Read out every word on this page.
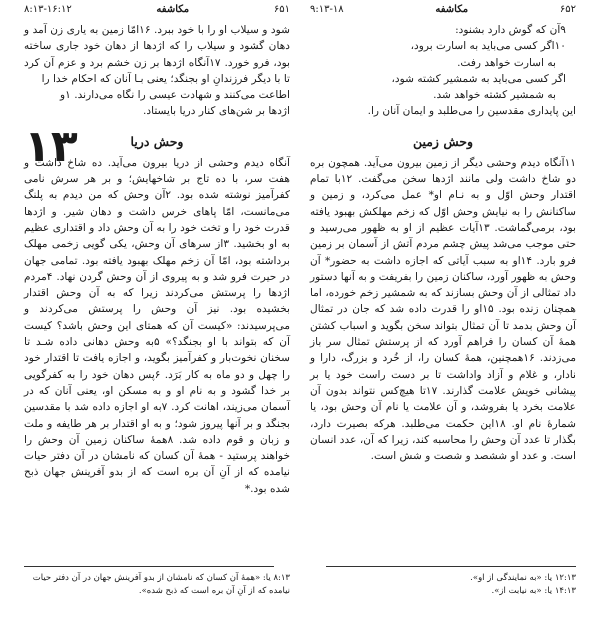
۹:۱۳-۱۸	مکاشفه	۶۵۲

۹آن که گوش دارد بشنود:

۱۰اگر کسی می‌باید به اسارت برود،

به اسارت خواهد رفت.

اگر کسی می‌باید به شمشیر کشته شود،

به شمشیر کشته خواهد شد.

این پایداری مقدسین را می‌طلبد و ایمان آنان را.

وحش زمین

۱۱آنگاه دیدم وحشی دیگر از زمین بیرون می‌آید. همچون بره دو شاخ داشت ولی مانند اژدها سخن می‌گفت. ۱۲با تمام اقتدار وحش اوّل و به نـام او* عمل می‌کرد، و زمین و ساکنانش را به نیایش وحش اوّل که زخم مهلکش بهبود یافته بود، برمی‌گماشت. ۱۳آیات عظیم از او به ظهور می‌رسید و حتی موجب می‌شد پیش چشم مردم آتش از آسمان بر زمین فرو بارد. ۱۴او به سبب آیاتی که اجازه داشت به حضور* آن وحش به ظهور آورد، ساکنان زمین را بفریفت و به آنها دستور داد تمثالی از آن وحش بسازند که به شمشیر زخم خورده، اما همچنان زنده بود. ۱۵او را قدرت داده شد که جان در تمثال آن وحش بدمد تا آن تمثال بتواند سخن بگوید و اسباب کشتن همهٔ آن کسان را فراهم آورد که از پرستش تمثال سر باز می‌زدند. ۱۶همچنین، همهٔ کسان را، از خُرد و بزرگ، دارا و نادار، و غلام و آزاد واداشت تا بر دست راست خود یا بر پیشانی خویش علامت گذارند. ۱۷تا هیچ‌کس نتواند بدون آن علامت بخرد یا بفروشد، و آن علامت یا نام آن وحش بود، یا شمارهٔ نام او. ۱۸این حکمت می‌طلبد. هرکه بصیرت دارد، بگذار تا عدد آن وحش را محاسبه کند، زیرا که آن، عدد انسان است. و عدد او ششصد و شصت و شش است.

۱۲:۱۳ یا: «به نمایندگی از او».

۱۴:۱۳ یا: «به نیابت از».

۸:۱۳-۱۶:۱۲	مکاشفه	۶۵۱

شود و سیلاب او را با خود ببرد. ۱۶امّا زمین به یاری زن آمد و دهان گشود و سیلاب را که اژدها از دهان خود جاری ساخته بود، فرو خورد. ۱۷آنگاه اژدها بر زن خشم برد و عزم آن کرد تا با دیگر فرزندانِ او بجنگد؛ یعنی بـا آنان که احکام خدا را

۱۳

اطاعت می‌کنند و شهادت عیسی را نگاه می‌دارند. ۱و

اژدها بر شن‌های کنار دریا بایستاد.

وحش دریا

آنگاه دیدم وحشی از دریا بیرون می‌آید. ده شاخ داشت و هفت سر، با ده تاج بر شاخهایش؛ و بر هر سرش نامی کفرآمیز نوشته شده بود. ۲آن وحش که من دیدم به پلنگ می‌مانست، امّا پاهای خرس داشت و دهان شیر. و اژدها قدرت خود را و تخت خود را به آن وحش داد و اقتداری عظیم به او بخشید. ۳از سرهای آن وحش، یکی گویی زخمی مهلک برداشته بود، امّا آن زخم مهلک بهبود یافته بود. تمامی جهان در حیرت فرو شد و به پیروی از آن وحش گردن نهاد. ۴مردم اژدها را پرستش می‌کردند زیرا که به آن وحش اقتدار بخشیده بود. نیز آن وحش را پرستش می‌کردند و می‌پرسیدند: «کیست آن که همتای این وحش باشد؟ کیست آن که بتواند با او بجنگد؟» ۵به وحش دهانی داده شـد تا سخنان نخوت‌بار و کفرآمیز بگوید، و اجازه یافت تا اقتدار خود را چهل و دو ماه به کار بَرَد. ۶پس دهان خود را به کفرگویی بر خدا گشود و به نام او و به مسکن او، یعنی آنان که در آسمان می‌زیند، اهانت کرد. ۷به او اجازه داده شد با مقدسین بجنگد و بر آنها پیروز شود؛ و به او اقتدار بر هر طایفه و ملت و زبان و قوم داده شد. ۸همهٔ ساکنان زمین آن وحش را خواهند پرستید - همهٔ آن کسان که نامشان در آن دفتر حیات نیامده که از آنِ آن بره است که از بدو آفرینش جهان ذبح شده بود.*

۸:۱۳ یا: «همهٔ آن کسان که نامشان از بدو آفرینش جهان در آن دفتر حیات نیامده که از آنِ آن بره است که ذبح شده».
